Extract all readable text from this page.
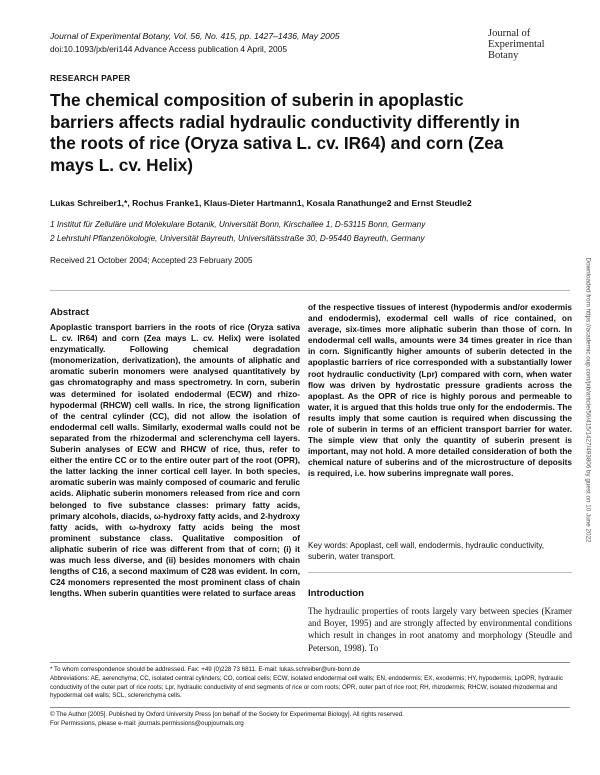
Journal of Experimental Botany, Vol. 56, No. 415, pp. 1427–1436, May 2005
doi:10.1093/jxb/eri144 Advance Access publication 4 April, 2005
Journal of
Experimental
Botany
RESEARCH PAPER
The chemical composition of suberin in apoplastic barriers affects radial hydraulic conductivity differently in the roots of rice (Oryza sativa L. cv. IR64) and corn (Zea mays L. cv. Helix)
Lukas Schreiber1,*, Rochus Franke1, Klaus-Dieter Hartmann1, Kosala Ranathunge2 and Ernst Steudle2
1 Institut für Zelluläre und Molekulare Botanik, Universität Bonn, Kirschallee 1, D-53115 Bonn, Germany
2 Lehrstuhl Pflanzenökologie, Universität Bayreuth, Universitätsstraße 30, D-95440 Bayreuth, Germany
Received 21 October 2004; Accepted 23 February 2005	Downloaded from https://academic.oup.com/jxb/article/56/415/1427/493806 by guest on 10 June 2022
Abstract
Apoplastic transport barriers in the roots of rice (Oryza sativa L. cv. IR64) and corn (Zea mays L. cv. Helix) were isolated enzymatically. Following chemical degradation (monomerization, derivatization), the amounts of aliphatic and aromatic suberin monomers were analysed quantitatively by gas chromatography and mass spectrometry. In corn, suberin was determined for isolated endodermal (ECW) and rhizo-hypodermal (RHCW) cell walls. In rice, the strong lignification of the central cylinder (CC), did not allow the isolation of endodermal cell walls. Similarly, exodermal walls could not be separated from the rhizodermal and sclerenchyma cell layers. Suberin analyses of ECW and RHCW of rice, thus, refer to either the entire CC or to the entire outer part of the root (OPR), the latter lacking the inner cortical cell layer. In both species, aromatic suberin was mainly composed of coumaric and ferulic acids. Aliphatic suberin monomers released from rice and corn belonged to five substance classes: primary fatty acids, primary alcohols, diacids, ω-hydroxy fatty acids, and 2-hydroxy fatty acids, with ω-hydroxy fatty acids being the most prominent substance class. Qualitative composition of aliphatic suberin of rice was different from that of corn; (i) it was much less diverse, and (ii) besides monomers with chain lengths of C16, a second maximum of C28 was evident. In corn, C24 monomers represented the most prominent class of chain lengths. When suberin quantities were related to surface areas
of the respective tissues of interest (hypodermis and/or exodermis and endodermis), exodermal cell walls of rice contained, on average, six-times more aliphatic suberin than those of corn. In endodermal cell walls, amounts were 34 times greater in rice than in corn. Significantly higher amounts of suberin detected in the apoplastic barriers of rice corresponded with a substantially lower root hydraulic conductivity (Lpr) compared with corn, when water flow was driven by hydrostatic pressure gradients across the apoplast. As the OPR of rice is highly porous and permeable to water, it is argued that this holds true only for the endodermis. The results imply that some caution is required when discussing the role of suberin in terms of an efficient transport barrier for water. The simple view that only the quantity of suberin present is important, may not hold. A more detailed consideration of both the chemical nature of suberins and of the microstructure of deposits is required, i.e. how suberins impregnate wall pores.
Key words: Apoplast, cell wall, endodermis, hydraulic conductivity, suberin, water transport.
Introduction
The hydraulic properties of roots largely vary between species (Kramer and Boyer, 1995) and are strongly affected by environmental conditions which result in changes in root anatomy and morphology (Steudle and Peterson, 1998). To
* To whom correspondence should be addressed. Fax: +49 (0)228 73 6811. E-mail: lukas.schreiber@uni-bonn.de
Abbreviations: AE, aerenchyma; CC, isolated central cylinders; CO, cortical cells; ECW, isolated endodermal cell walls; EN, endodermis; EX, exodermis; HY, hypodermis; LpOPR, hydraulic conductivity of the outer part of rice roots; Lpr, hydraulic conductivity of end segments of rice or corn roots; OPR, outer part of rice root; RH, rhizodermis; RHCW, isolated rhizodermal and hypodermal cell walls; SCL, sclerenchyma cells.
© The Author [2005]. Published by Oxford University Press [on behalf of the Society for Experimental Biology]. All rights reserved.
For Permissions, please e-mail: journals.permissions@oupjournals.org
